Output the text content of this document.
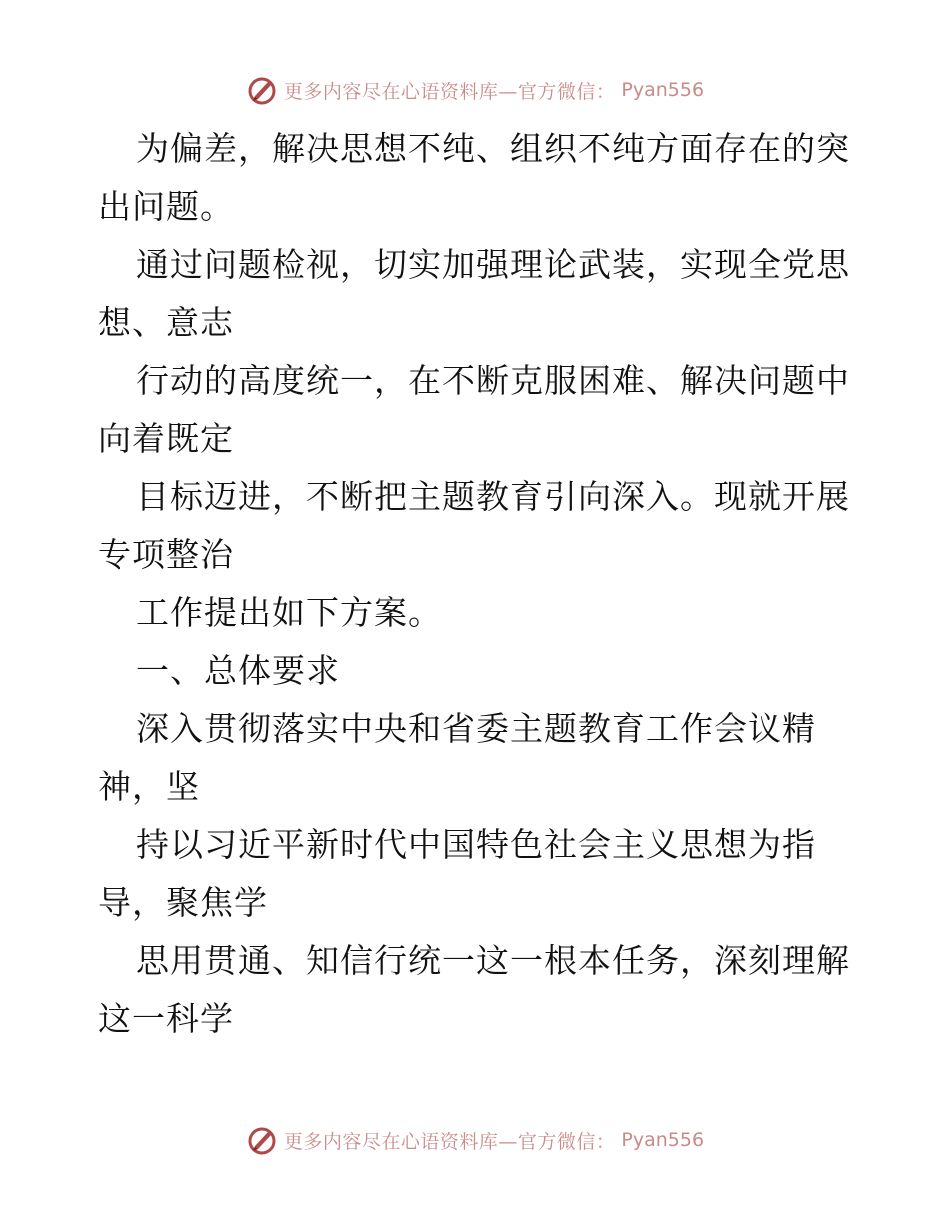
更多内容尽在心语资料库—官方微信： Pyan556
为偏差，解决思想不纯、组织不纯方面存在的突
出问题。
通过问题检视，切实加强理论武装，实现全党思
想、意志
行动的高度统一，在不断克服困难、解决问题中
向着既定
目标迈进，不断把主题教育引向深入。现就开展
专项整治
工作提出如下方案。
一、总体要求
深入贯彻落实中央和省委主题教育工作会议精
神，坚
持以习近平新时代中国特色社会主义思想为指
导，聚焦学
思用贯通、知信行统一这一根本任务，深刻理解
这一科学
更多内容尽在心语资料库—官方微信： Pyan556
